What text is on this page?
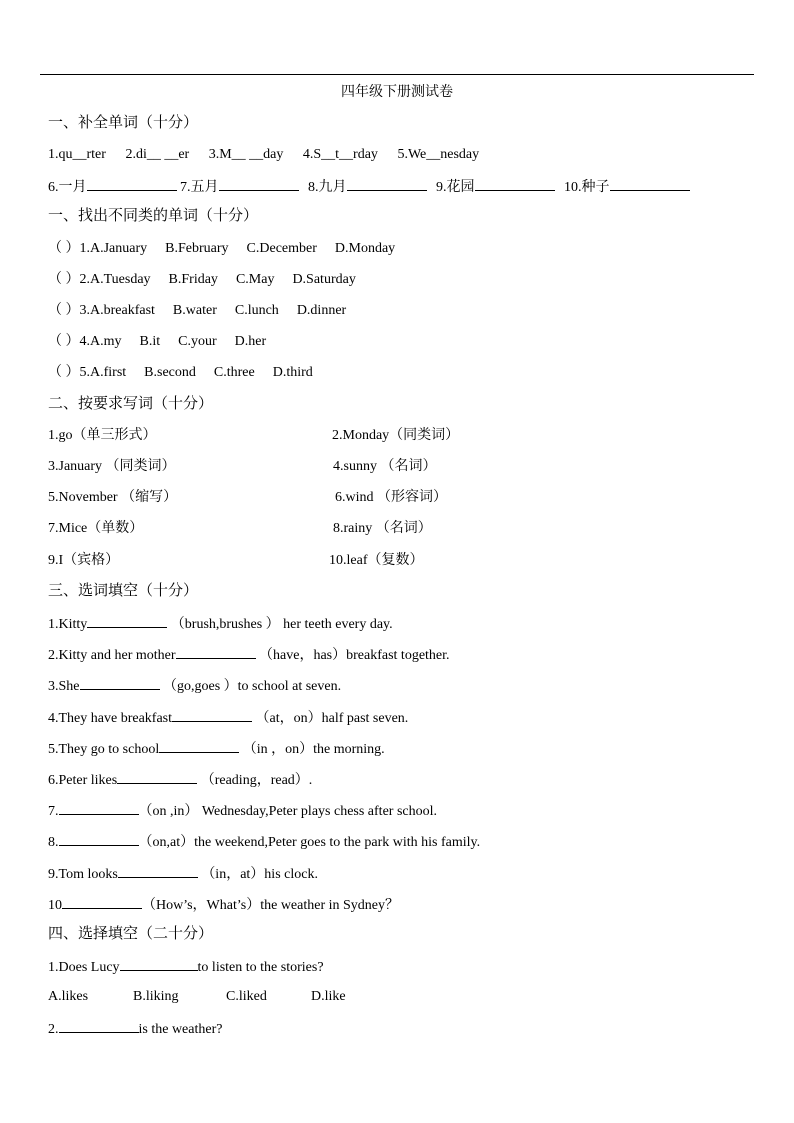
四年级下册测试卷
一、补全单词（十分）
1.qu__rter 2.di__ __er 3.M__ __day 4.S__t__rday 5.We__nesday
6.一月	7.五月	8.九月	9.花园	10.种子
一、找出不同类的单词（十分）
（ ）1.A.January B.February C.December D.Monday
（ ）2.A.Tuesday B.Friday C.May D.Saturday
（ ）3.A.breakfast B.water C.lunch D.dinner
（ ）4.A.my B.it C.your D.her
（ ）5.A.first B.second C.three D.third
二、按要求写词（十分）
1.go（单三形式）	2.Monday（同类词）
3.January （同类词）	4.sunny （名词）
5.November （缩写）	6.wind （形容词）
7.Mice（单数）	8.rainy （名词）
9.I（宾格）	10.leaf（复数）
三、选词填空（十分）
1.Kitty	（brush,brushes ） her teeth every day.
2.Kitty and her mother	（have，has）breakfast together.
3.She	（go,goes ）to school at seven.
4.They have breakfast	（at，on）half past seven.
5.They go to school	（in ，on）the morning.
6.Peter likes	（reading，read）.
7.	（on ,in） Wednesday,Peter plays chess after school.
8.	（on,at）the weekend,Peter goes to the park with his family.
9.Tom looks	（in，at）his clock.
10	（How’s，What’s）the weather in Sydney？
四、选择填空（二十分）
1.Does Lucy	to listen to the stories?
A.likes	B.liking	C.liked	D.like
2.	is the weather?
